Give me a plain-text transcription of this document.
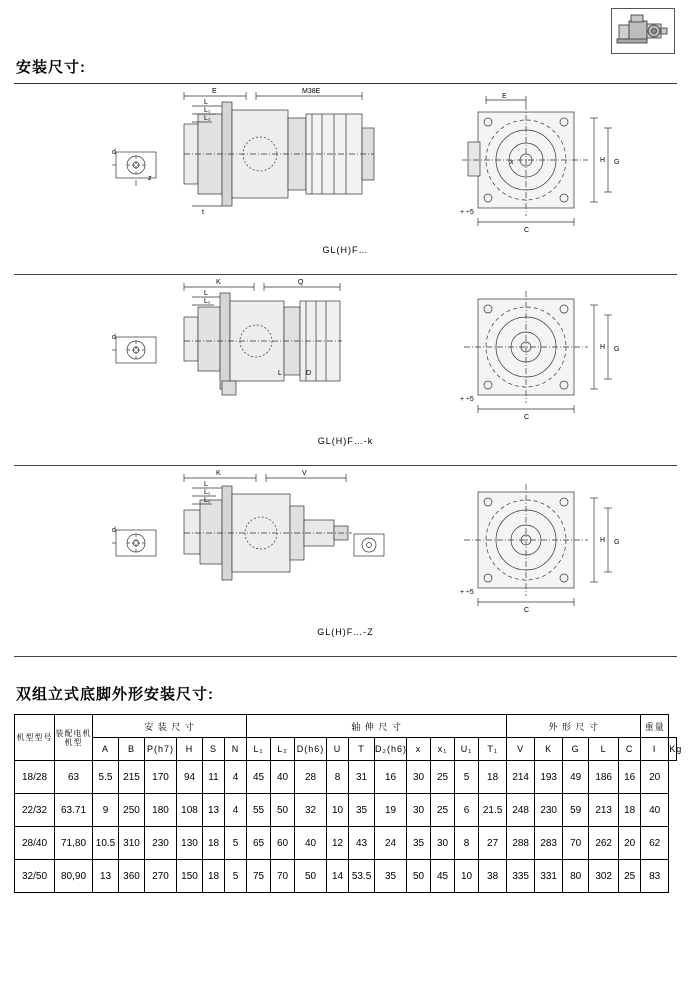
安装尺寸:
E	M38E
L
L₁
L₂
t
d
z
E
H G
C
+ ÷5
x
GL(H)F…
K	Q
L
L₁
L	D
d
H G
C
+ ÷5
GL(H)F…-k
K	V
L
L₁
L₂
d
H G
C
+ ÷5
GL(H)F…-Z
双组立式底脚外形安装尺寸:
机型型号	装配电机机型	安 装 尺 寸						轴 伸 尺 寸										外 形 尺 寸					重量	
		A	B	P(h7)	H	S	N	L₁	L₂	D(h6)	U	T	D₂(h6)	x	x₁	U₁	T₁	V	K	G	L	C	I	Kg
18/28	63	5.5	215	170	94	11	4	45	40	28	8	31	16	30	25	5	18	214	193	49	186	16	20	
22/32	63.71	9	250	180	108	13	4	55	50	32	10	35	19	30	25	6	21.5	248	230	59	213	18	40	
28/40	71,80	10.5	310	230	130	18	5	65	60	40	12	43	24	35	30	8	27	288	283	70	262	20	62	
32/50	80,90	13	360	270	150	18	5	75	70	50	14	53.5	35	50	45	10	38	335	331	80	302	25	83	
